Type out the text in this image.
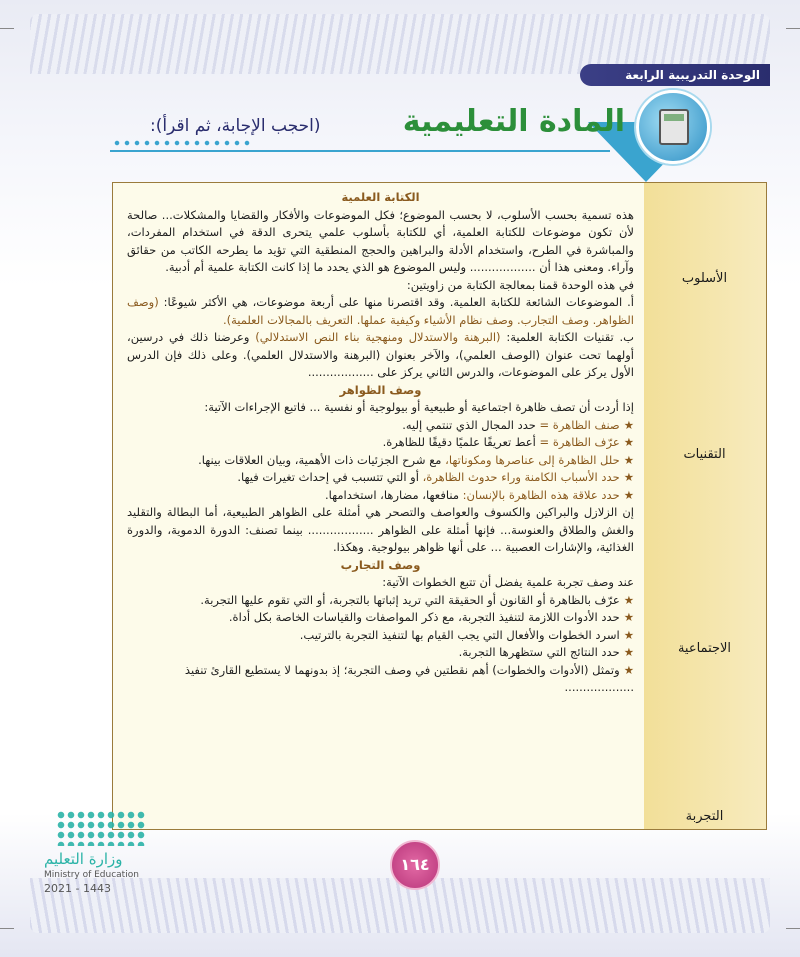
الوحدة التدريبية الرابعة
المادة التعليمية
(احجب الإجابة، ثم اقرأ):
الأسلوب
التقنيات
الاجتماعية
التجربة

الكتابة العلمية

هذه تسمية بحسب الأسلوب، لا بحسب الموضوع؛ فكل الموضوعات والأفكار والقضايا والمشكلات... صالحة لأن تكون موضوعات للكتابة العلمية، أي للكتابة بأسلوب علمي يتحرى الدقة في استخدام المفردات، والمباشرة في الطرح، واستخدام الأدلة والبراهين والحجج المنطقية التي تؤيد ما يطرحه الكاتب من حقائق وآراء. ومعنى هذا أن .................. وليس الموضوع هو الذي يحدد ما إذا كانت الكتابة علمية أم أدبية.

في هذه الوحدة قمنا بمعالجة الكتابة من زاويتين:

أ. الموضوعات الشائعة للكتابة العلمية. وقد اقتصرنا منها على أربعة موضوعات، هي الأكثر شيوعًا: (وصف الظواهر. وصف التجارب. وصف نظام الأشياء وكيفية عملها. التعريف بالمجالات العلمية).

ب. تقنيات الكتابة العلمية: (البرهنة والاستدلال ومنهجية بناء النص الاستدلالي) وعرضنا ذلك في درسين، أولهما تحت عنوان (الوصف العلمي)، والآخر بعنوان (البرهنة والاستدلال العلمي). وعلى ذلك فإن الدرس الأول يركز على الموضوعات، والدرس الثاني يركز على ..................

وصف الظواهر

إذا أردت أن تصف ظاهرة اجتماعية أو طبيعية أو بيولوجية أو نفسية ... فاتبع الإجراءات الآتية:

★صنف الظاهرة = حدد المجال الذي تنتمي إليه.

★عرّف الظاهرة = أعط تعريفًا علميًا دقيقًا للظاهرة.

★حلل الظاهرة إلى عناصرها ومكوناتها، مع شرح الجزئيات ذات الأهمية، وبيان العلاقات بينها.

★حدد الأسباب الكامنة وراء حدوث الظاهرة، أو التي تتسبب في إحداث تغيرات فيها.

★حدد علاقة هذه الظاهرة بالإنسان: منافعها، مضارها، استخدامها.

إن الزلازل والبراكين والكسوف والعواصف والتصحر هي أمثلة على الظواهر الطبيعية، أما البطالة والتقليد والغش والطلاق والعنوسة... فإنها أمثلة على الظواهر .................. بينما تصنف: الدورة الدموية، والدورة الغذائية، والإشارات العصبية ... على أنها ظواهر بيولوجية. وهكذا.

وصف التجارب

عند وصف تجربة علمية يفضل أن تتبع الخطوات الآتية:

★عرّف بالظاهرة أو القانون أو الحقيقة التي تريد إثباتها بالتجربة، أو التي تقوم عليها التجربة.

★حدد الأدوات اللازمة لتنفيذ التجربة، مع ذكر المواصفات والقياسات الخاصة بكل أداة.

★اسرد الخطوات والأفعال التي يجب القيام بها لتنفيذ التجربة بالترتيب.

★حدد النتائج التي ستظهرها التجربة.

★وتمثل (الأدوات والخطوات) أهم نقطتين في وصف التجربة؛ إذ بدونهما لا يستطيع القارئ تنفيذ ...................

وزارة التعليم
Ministry of Education
2021 - 1443
١٦٤
